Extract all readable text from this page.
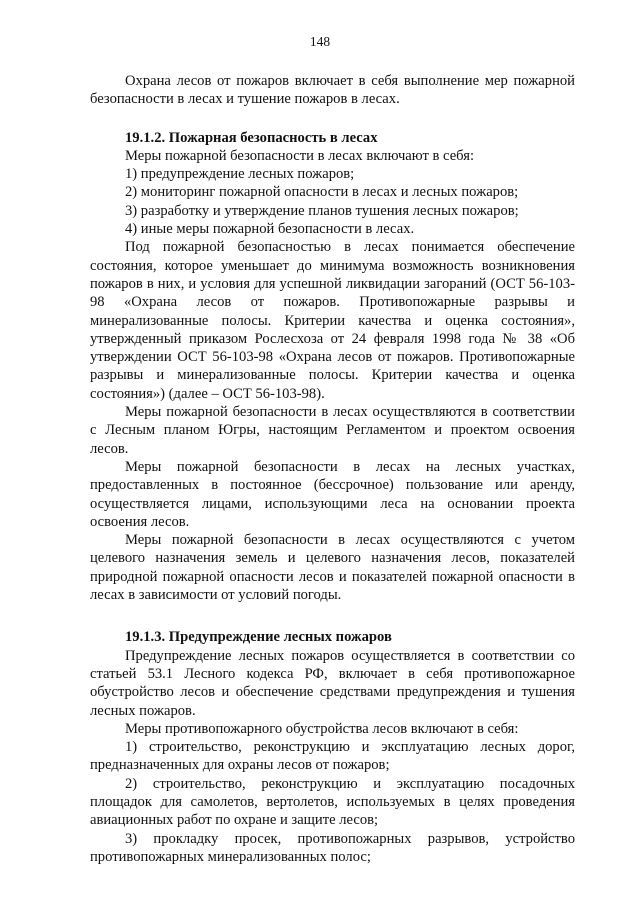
148

Охрана лесов от пожаров включает в себя выполнение мер пожарной безопасности в лесах и тушение пожаров в лесах.

19.1.2. Пожарная безопасность в лесах

Меры пожарной безопасности в лесах включают в себя:

1) предупреждение лесных пожаров;

2) мониторинг пожарной опасности в лесах и лесных пожаров;

3) разработку и утверждение планов тушения лесных пожаров;

4) иные меры пожарной безопасности в лесах.

Под пожарной безопасностью в лесах понимается обеспечение состояния, которое уменьшает до минимума возможность возникновения пожаров в них, и условия для успешной ликвидации загораний (ОСТ 56-103-98 «Охрана лесов от пожаров. Противопожарные разрывы и минерализованные полосы. Критерии качества и оценка состояния», утвержденный приказом Рослесхоза от 24 февраля 1998 года № 38 «Об утверждении ОСТ 56-103-98 «Охрана лесов от пожаров. Противопожарные разрывы и минерализованные полосы. Критерии качества и оценка состояния») (далее – ОСТ 56-103-98).

Меры пожарной безопасности в лесах осуществляются в соответствии с Лесным планом Югры, настоящим Регламентом и проектом освоения лесов.

Меры пожарной безопасности в лесах на лесных участках, предоставленных в постоянное (бессрочное) пользование или аренду, осуществляется лицами, использующими леса на основании проекта освоения лесов.

Меры пожарной безопасности в лесах осуществляются с учетом целевого назначения земель и целевого назначения лесов, показателей природной пожарной опасности лесов и показателей пожарной опасности в лесах в зависимости от условий погоды.

19.1.3. Предупреждение лесных пожаров

Предупреждение лесных пожаров осуществляется в соответствии со статьей 53.1 Лесного кодекса РФ, включает в себя противопожарное обустройство лесов и обеспечение средствами предупреждения и тушения лесных пожаров.

Меры противопожарного обустройства лесов включают в себя:

1) строительство, реконструкцию и эксплуатацию лесных дорог, предназначенных для охраны лесов от пожаров;

2) строительство, реконструкцию и эксплуатацию посадочных площадок для самолетов, вертолетов, используемых в целях проведения авиационных работ по охране и защите лесов;

3) прокладку просек, противопожарных разрывов, устройство противопожарных минерализованных полос;
